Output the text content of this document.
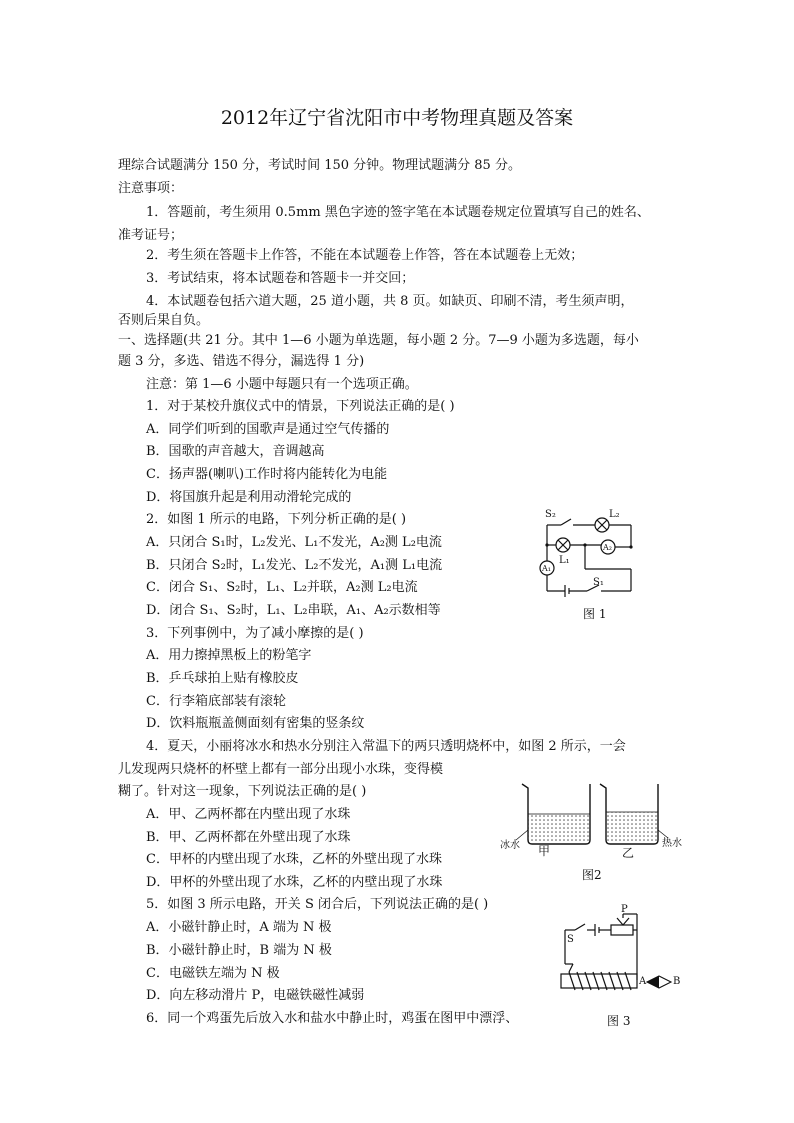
2012年辽宁省沈阳市中考物理真题及答案
理综合试题满分 150 分，考试时间 150 分钟。物理试题满分 85 分。
注意事项：
1．答题前，考生须用 0.5mm 黑色字迹的签字笔在本试题卷规定位置填写自己的姓名、
准考证号；
2．考生须在答题卡上作答，不能在本试题卷上作答，答在本试题卷上无效；
3．考试结束，将本试题卷和答题卡一并交回；
4．本试题卷包括六道大题，25 道小题，共 8 页。如缺页、印刷不清，考生须声明，
否则后果自负。
一、选择题(共 21 分。其中 1—6 小题为单选题，每小题 2 分。7—9 小题为多选题，每小
题 3 分，多选、错选不得分，漏选得 1 分)
注意：第 1—6 小题中每题只有一个选项正确。
1．对于某校升旗仪式中的情景，下列说法正确的是( )
A．同学们听到的国歌声是通过空气传播的
B．国歌的声音越大，音调越高
C．扬声器(喇叭)工作时将内能转化为电能
D．将国旗升起是利用动滑轮完成的
2．如图 1 所示的电路，下列分析正确的是( )
A．只闭合 S₁时，L₂发光、L₁不发光，A₂测 L₂电流
B．只闭合 S₂时，L₁发光、L₂不发光，A₁测 L₁电流
C．闭合 S₁、S₂时，L₁、L₂并联，A₂测 L₂电流
D．闭合 S₁、S₂时，L₁、L₂串联，A₁、A₂示数相等
3．下列事例中，为了减小摩擦的是( )
A．用力擦掉黑板上的粉笔字
B．乒乓球拍上贴有橡胶皮
C．行李箱底部装有滚轮
D．饮料瓶瓶盖侧面刻有密集的竖条纹
4．夏天，小丽将冰水和热水分别注入常温下的两只透明烧杯中，如图 2 所示，一会
儿发现两只烧杯的杯壁上都有一部分出现小水珠，变得模
糊了。针对这一现象，下列说法正确的是( )
A．甲、乙两杯都在内壁出现了水珠
B．甲、乙两杯都在外壁出现了水珠
C．甲杯的内壁出现了水珠，乙杯的外壁出现了水珠
D．甲杯的外壁出现了水珠，乙杯的内壁出现了水珠
5．如图 3 所示电路，开关 S 闭合后，下列说法正确的是( )
A．小磁针静止时，A 端为 N 极
B．小磁针静止时，B 端为 N 极
C．电磁铁左端为 N 极
D．向左移动滑片 P，电磁铁磁性减弱
6．同一个鸡蛋先后放入水和盐水中静止时，鸡蛋在图甲中漂浮、
S₂	L₂
L₁
A₂
A₁
S₁
图 1
冰水 甲	乙
热水
图2
P
S
A	B
图 3
